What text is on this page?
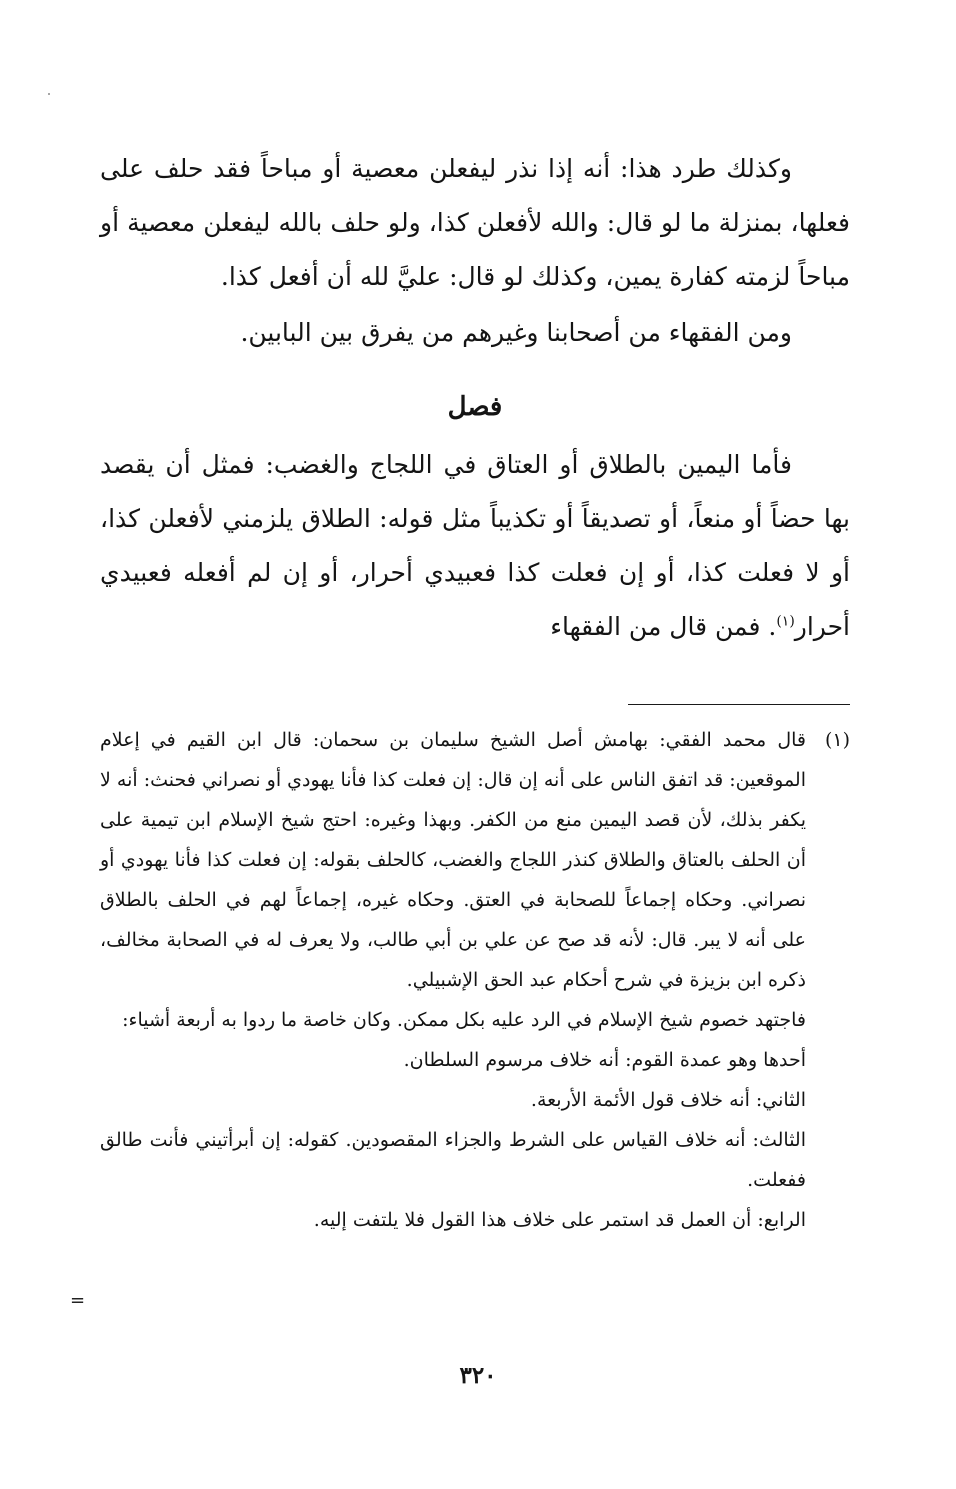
وكذلك طرد هذا: أنه إذا نذر ليفعلن معصية أو مباحاً فقد حلف على فعلها، بمنزلة ما لو قال: والله لأفعلن كذا، ولو حلف بالله ليفعلن معصية أو مباحاً لزمته كفارة يمين، وكذلك لو قال: عليَّ لله أن أفعل كذا.

ومن الفقهاء من أصحابنا وغيرهم من يفرق بين البابين.

فصل

فأما اليمين بالطلاق أو العتاق في اللجاج والغضب: فمثل أن يقصد بها حضاً أو منعاً، أو تصديقاً أو تكذيباً مثل قوله: الطلاق يلزمني لأفعلن كذا، أو لا فعلت كذا، أو إن فعلت كذا فعبيدي أحرار، أو إن لم أفعله فعبيدي أحرار$^{(١)}$. فمن قال من الفقهاء

(١)

قال محمد الفقي: بهامش أصل الشيخ سليمان بن سحمان: قال ابن القيم في إعلام الموقعين: قد اتفق الناس على أنه إن قال: إن فعلت كذا فأنا يهودي أو نصراني فحنث: أنه لا يكفر بذلك، لأن قصد اليمين منع من الكفر. وبهذا وغيره: احتج شيخ الإسلام ابن تيمية على أن الحلف بالعتاق والطلاق كنذر اللجاج والغضب، كالحلف بقوله: إن فعلت كذا فأنا يهودي أو نصراني. وحكاه إجماعاً للصحابة في العتق. وحكاه غيره، إجماعاً لهم في الحلف بالطلاق على أنه لا يبر. قال: لأنه قد صح عن علي بن أبي طالب، ولا يعرف له في الصحابة مخالف، ذكره ابن بزيزة في شرح أحكام عبد الحق الإشبيلي.

فاجتهد خصوم شيخ الإسلام في الرد عليه بكل ممكن. وكان خاصة ما ردوا به أربعة أشياء:

أحدها وهو عمدة القوم: أنه خلاف مرسوم السلطان.

الثاني: أنه خلاف قول الأئمة الأربعة.

الثالث: أنه خلاف القياس على الشرط والجزاء المقصودين. كقوله: إن أبرأتيني فأنت طالق ففعلت.

الرابع: أن العمل قد استمر على خلاف هذا القول فلا يلتفت إليه.

=
٣٢٠
